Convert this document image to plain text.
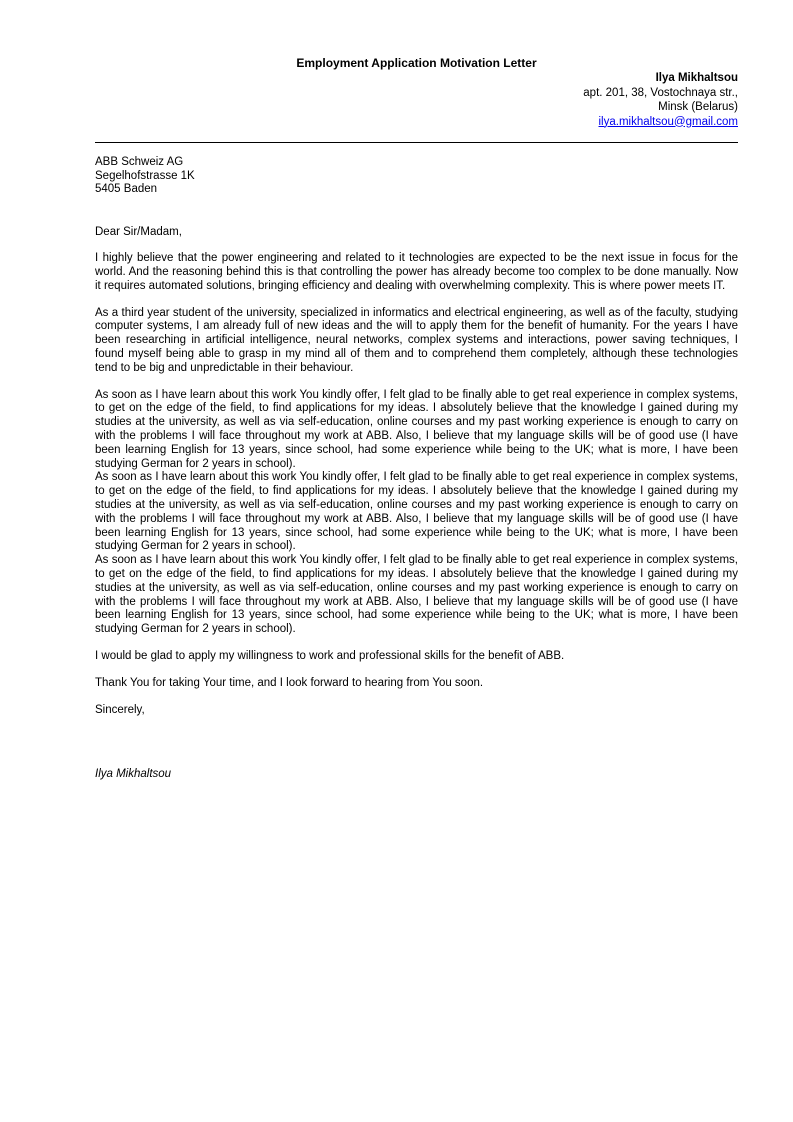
Employment Application Motivation Letter
Ilya Mikhaltsou
apt. 201, 38, Vostochnaya str.,
Minsk (Belarus)
ilya.mikhaltsou@gmail.com
ABB Schweiz AG
Segelhofstrasse 1K
5405 Baden

Dear Sir/Madam,

I highly believe that the power engineering and related to it technologies are expected to be the next issue in focus for the world. And the reasoning behind this is that controlling the power has already become too complex to be done manually. Now it requires automated solutions, bringing efficiency and dealing with overwhelming complexity. This is where power meets IT.

As a third year student of the university, specialized in informatics and electrical engineering, as well as of the faculty, studying computer systems, I am already full of new ideas and the will to apply them for the benefit of humanity. For the years I have been researching in artificial intelligence, neural networks, complex systems and interactions, power saving techniques, I found myself being able to grasp in my mind all of them and to comprehend them completely, although these technologies tend to be big and unpredictable in their behaviour.

As soon as I have learn about this work You kindly offer, I felt glad to be finally able to get real experience in complex systems, to get on the edge of the field, to find applications for my ideas. I absolutely believe that the knowledge I gained during my studies at the university, as well as via self-education, online courses and my past working experience is enough to carry on with the problems I will face throughout my work at ABB. Also, I believe that my language skills will be of good use (I have been learning English for 13 years, since school, had some experience while being to the UK; what is more, I have been studying German for 2 years in school).

As soon as I have learn about this work You kindly offer, I felt glad to be finally able to get real experience in complex systems, to get on the edge of the field, to find applications for my ideas. I absolutely believe that the knowledge I gained during my studies at the university, as well as via self-education, online courses and my past working experience is enough to carry on with the problems I will face throughout my work at ABB. Also, I believe that my language skills will be of good use (I have been learning English for 13 years, since school, had some experience while being to the UK; what is more, I have been studying German for 2 years in school).

As soon as I have learn about this work You kindly offer, I felt glad to be finally able to get real experience in complex systems, to get on the edge of the field, to find applications for my ideas. I absolutely believe that the knowledge I gained during my studies at the university, as well as via self-education, online courses and my past working experience is enough to carry on with the problems I will face throughout my work at ABB. Also, I believe that my language skills will be of good use (I have been learning English for 13 years, since school, had some experience while being to the UK; what is more, I have been studying German for 2 years in school).

I would be glad to apply my willingness to work and professional skills for the benefit of ABB.

Thank You for taking Your time, and I look forward to hearing from You soon.

Sincerely,

Ilya Mikhaltsou
